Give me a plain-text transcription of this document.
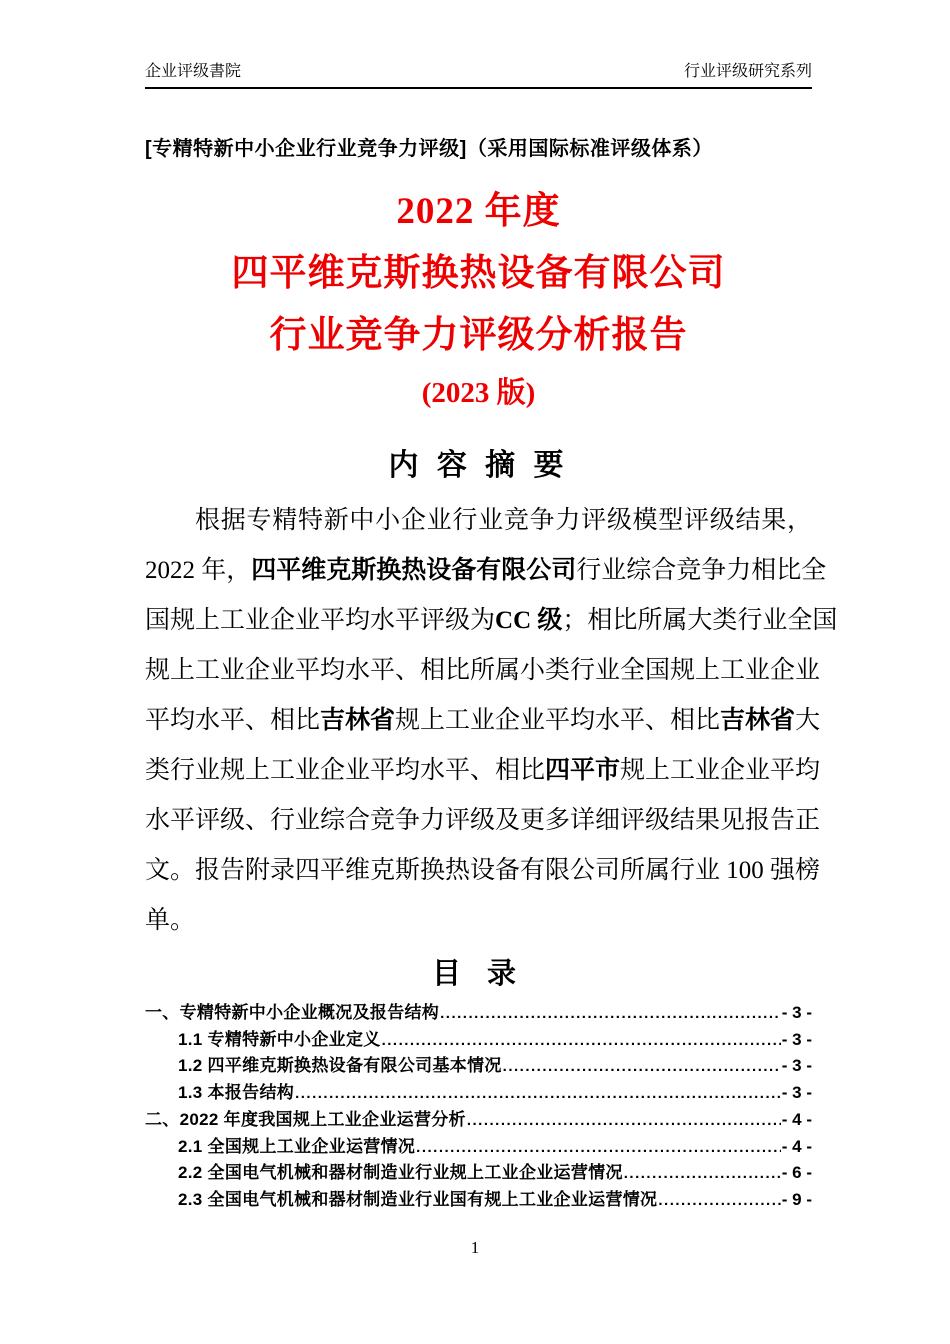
企业评级書院	行业评级研究系列
[专精特新中小企业行业竞争力评级]（采用国际标准评级体系）
2022 年度
四平维克斯换热设备有限公司
行业竞争力评级分析报告
(2023 版)
内 容 摘 要

根据专精特新中小企业行业竞争力评级模型评级结果，

2022 年，四平维克斯换热设备有限公司行业综合竞争力相比全

国规上工业企业平均水平评级为CC 级；相比所属大类行业全国

规上工业企业平均水平、相比所属小类行业全国规上工业企业

平均水平、相比吉林省规上工业企业平均水平、相比吉林省大

类行业规上工业企业平均水平、相比四平市规上工业企业平均

水平评级、行业综合竞争力评级及更多详细评级结果见报告正

文。报告附录四平维克斯换热设备有限公司所属行业 100 强榜

单。

目 录
一、专精特新中小企业概况及报告结构 .....	- 3 -
1.1 专精特新中小企业定义 .....	- 3 -
1.2 四平维克斯换热设备有限公司基本情况 .....	- 3 -
1.3 本报告结构 .....	- 3 -
二、2022 年度我国规上工业企业运营分析 .....	- 4 -
2.1 全国规上工业企业运营情况 .....	- 4 -
2.2 全国电气机械和器材制造业行业规上工业企业运营情况 .....	- 6 -
2.3 全国电气机械和器材制造业行业国有规上工业企业运营情况 .....	- 9 -
1
